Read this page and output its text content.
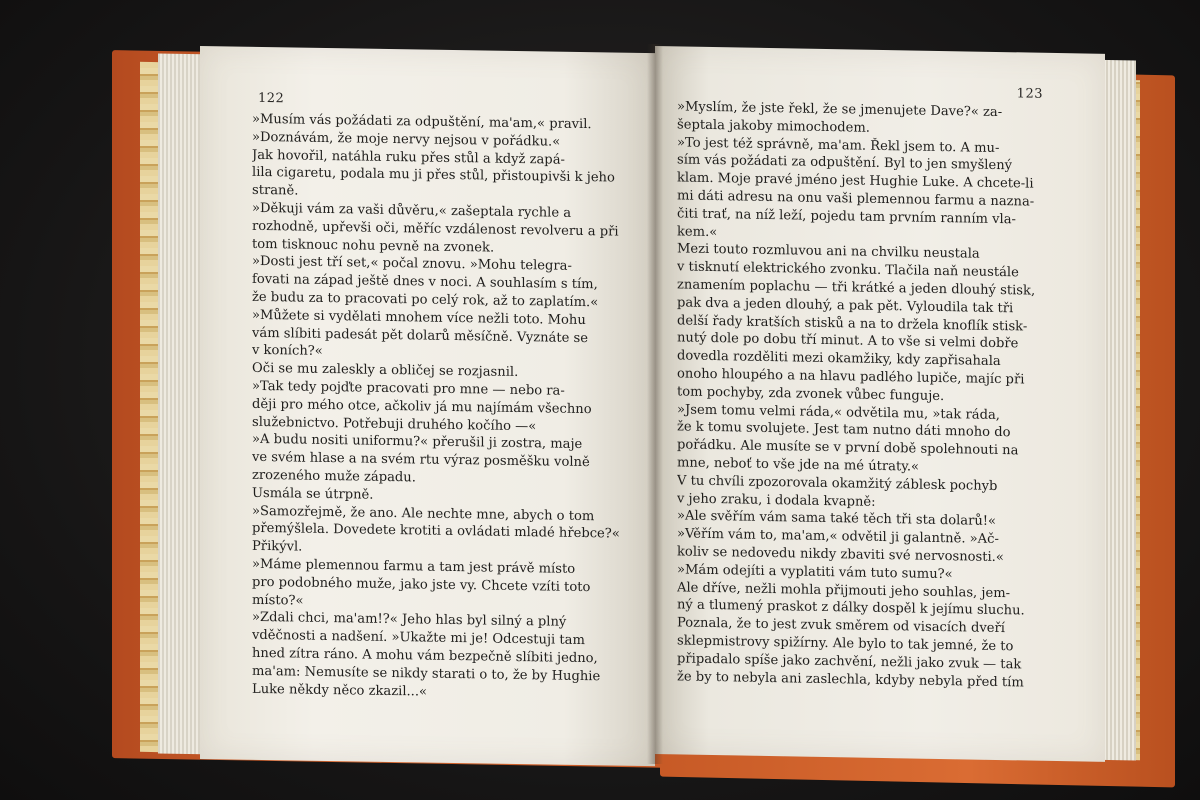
122
»Musím vás požádati za odpuštění, ma'am,« pravil.
»Doznávám, že moje nervy nejsou v pořádku.«
Jak hovořil, natáhla ruku přes stůl a když zapá-
lila cigaretu, podala mu ji přes stůl, přistoupivši k jeho
straně.
»Děkuji vám za vaši důvěru,« zašeptala rychle a
rozhodně, upřevši oči, měříc vzdálenost revolveru a při
tom tisknouc nohu pevně na zvonek.
»Dosti jest tří set,« počal znovu. »Mohu telegra-
fovati na západ ještě dnes v noci. A souhlasím s tím,
že budu za to pracovati po celý rok, až to zaplatím.«
»Můžete si vydělati mnohem více nežli toto. Mohu
vám slíbiti padesát pět dolarů měsíčně. Vyznáte se
v koních?«
Oči se mu zaleskly a obličej se rozjasnil.
»Tak tedy pojďte pracovati pro mne — nebo ra-
ději pro mého otce, ačkoliv já mu najímám všechno
služebnictvo. Potřebuji druhého kočího —«
»A budu nositi uniformu?« přerušil ji zostra, maje
ve svém hlase a na svém rtu výraz posměšku volně
zrozeného muže západu.
Usmála se útrpně.
»Samozřejmě, že ano. Ale nechte mne, abych o tom
přemýšlela. Dovedete krotiti a ovládati mladé hřebce?«
Přikývl.
»Máme plemennou farmu a tam jest právě místo
pro podobného muže, jako jste vy. Chcete vzíti toto
místo?«
»Zdali chci, ma'am!?« Jeho hlas byl silný a plný
vděčnosti a nadšení. »Ukažte mi je! Odcestuji tam
hned zítra ráno. A mohu vám bezpečně slíbiti jedno,
ma'am: Nemusíte se nikdy starati o to, že by Hughie
Luke někdy něco zkazil...«
123
»Myslím, že jste řekl, že se jmenujete Dave?« za-
šeptala jakoby mimochodem.
»To jest též správně, ma'am. Řekl jsem to. A mu-
sím vás požádati za odpuštění. Byl to jen smyšlený
klam. Moje pravé jméno jest Hughie Luke. A chcete-li
mi dáti adresu na onu vaši plemennou farmu a nazna-
čiti trať, na níž leží, pojedu tam prvním ranním vla-
kem.«
Mezi touto rozmluvou ani na chvilku neustala
v tisknutí elektrického zvonku. Tlačila naň neustále
znamením poplachu — tři krátké a jeden dlouhý stisk,
pak dva a jeden dlouhý, a pak pět. Vyloudila tak tři
delší řady kratších stisků a na to držela knoflík stisk-
nutý dole po dobu tří minut. A to vše si velmi dobře
dovedla rozděliti mezi okamžiky, kdy zapřisahala
onoho hloupého a na hlavu padlého lupiče, majíc při
tom pochyby, zda zvonek vůbec funguje.
»Jsem tomu velmi ráda,« odvětila mu, »tak ráda,
že k tomu svolujete. Jest tam nutno dáti mnoho do
pořádku. Ale musíte se v první době spolehnouti na
mne, neboť to vše jde na mé útraty.«
V tu chvíli zpozorovala okamžitý záblesk pochyb
v jeho zraku, i dodala kvapně:
»Ale svěřím vám sama také těch tři sta dolarů!«
»Věřím vám to, ma'am,« odvětil ji galantně. »Ač-
koliv se nedovedu nikdy zbaviti své nervosnosti.«
»Mám odejíti a vyplatiti vám tuto sumu?«
Ale dříve, nežli mohla přijmouti jeho souhlas, jem-
ný a tlumený praskot z dálky dospěl k jejímu sluchu.
Poznala, že to jest zvuk směrem od visacích dveří
sklepmistrovy spižírny. Ale bylo to tak jemné, že to
připadalo spíše jako zachvění, nežli jako zvuk — tak
že by to nebyla ani zaslechla, kdyby nebyla před tím
